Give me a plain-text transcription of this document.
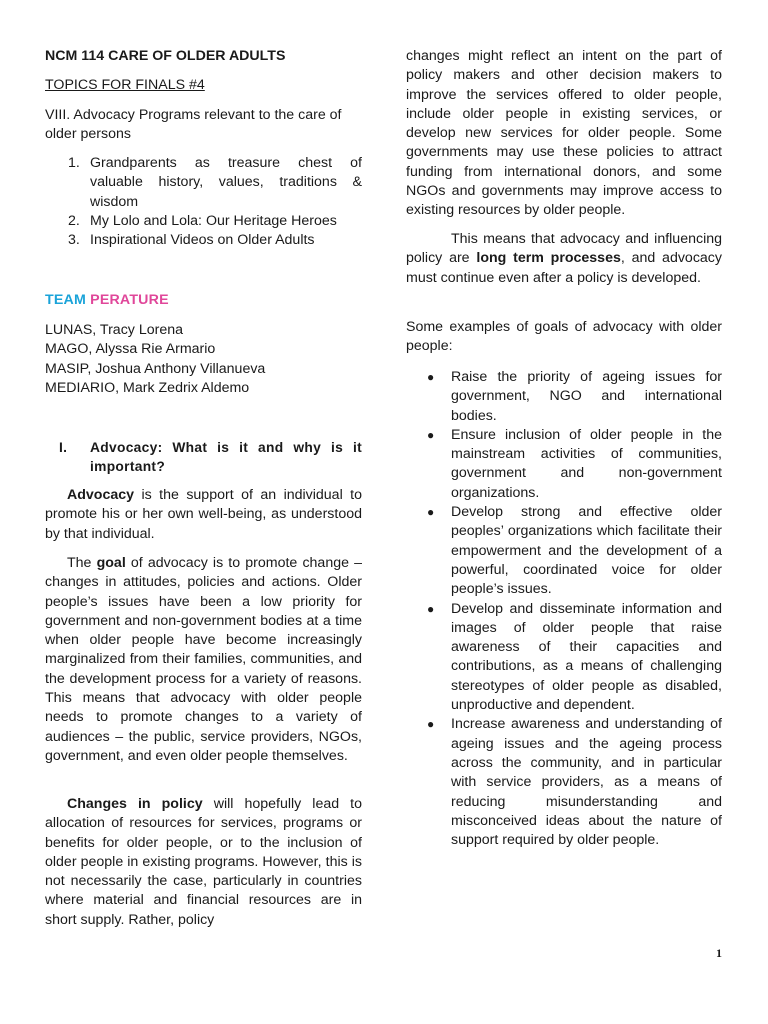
NCM 114 CARE OF OLDER ADULTS
TOPICS FOR FINALS #4

VIII. Advocacy Programs relevant to the care of older persons

1. Grandparents as treasure chest of valuable history, values, traditions & wisdom
2. My Lolo and Lola: Our Heritage Heroes
3. Inspirational Videos on Older Adults
TEAM PERATURE
LUNAS, Tracy Lorena
MAGO, Alyssa Rie Armario
MASIP, Joshua Anthony Villanueva
MEDIARIO, Mark Zedrix Aldemo
I. Advocacy: What is it and why is it important?

Advocacy is the support of an individual to promote his or her own well-being, as understood by that individual.

The goal of advocacy is to promote change – changes in attitudes, policies and actions. Older people’s issues have been a low priority for government and non-government bodies at a time when older people have become increasingly marginalized from their families, communities, and the development process for a variety of reasons. This means that advocacy with older people needs to promote changes to a variety of audiences – the public, service providers, NGOs, government, and even older people themselves.

Changes in policy will hopefully lead to allocation of resources for services, programs or benefits for older people, or to the inclusion of older people in existing programs. However, this is not necessarily the case, particularly in countries where material and financial resources are in short supply. Rather, policy

changes might reflect an intent on the part of policy makers and other decision makers to improve the services offered to older people, include older people in existing services, or develop new services for older people. Some governments may use these policies to attract funding from international donors, and some NGOs and governments may improve access to existing resources by older people.

This means that advocacy and influencing policy are long term processes, and advocacy must continue even after a policy is developed.

Some examples of goals of advocacy with older people:

● Raise the priority of ageing issues for government, NGO and international bodies.
● Ensure inclusion of older people in the mainstream activities of communities, government and non-government organizations.
● Develop strong and effective older peoples’ organizations which facilitate their empowerment and the development of a powerful, coordinated voice for older people’s issues.
● Develop and disseminate information and images of older people that raise awareness of their capacities and contributions, as a means of challenging stereotypes of older people as disabled, unproductive and dependent.
● Increase awareness and understanding of ageing issues and the ageing process across the community, and in particular with service providers, as a means of reducing misunderstanding and misconceived ideas about the nature of support required by older people.
1
